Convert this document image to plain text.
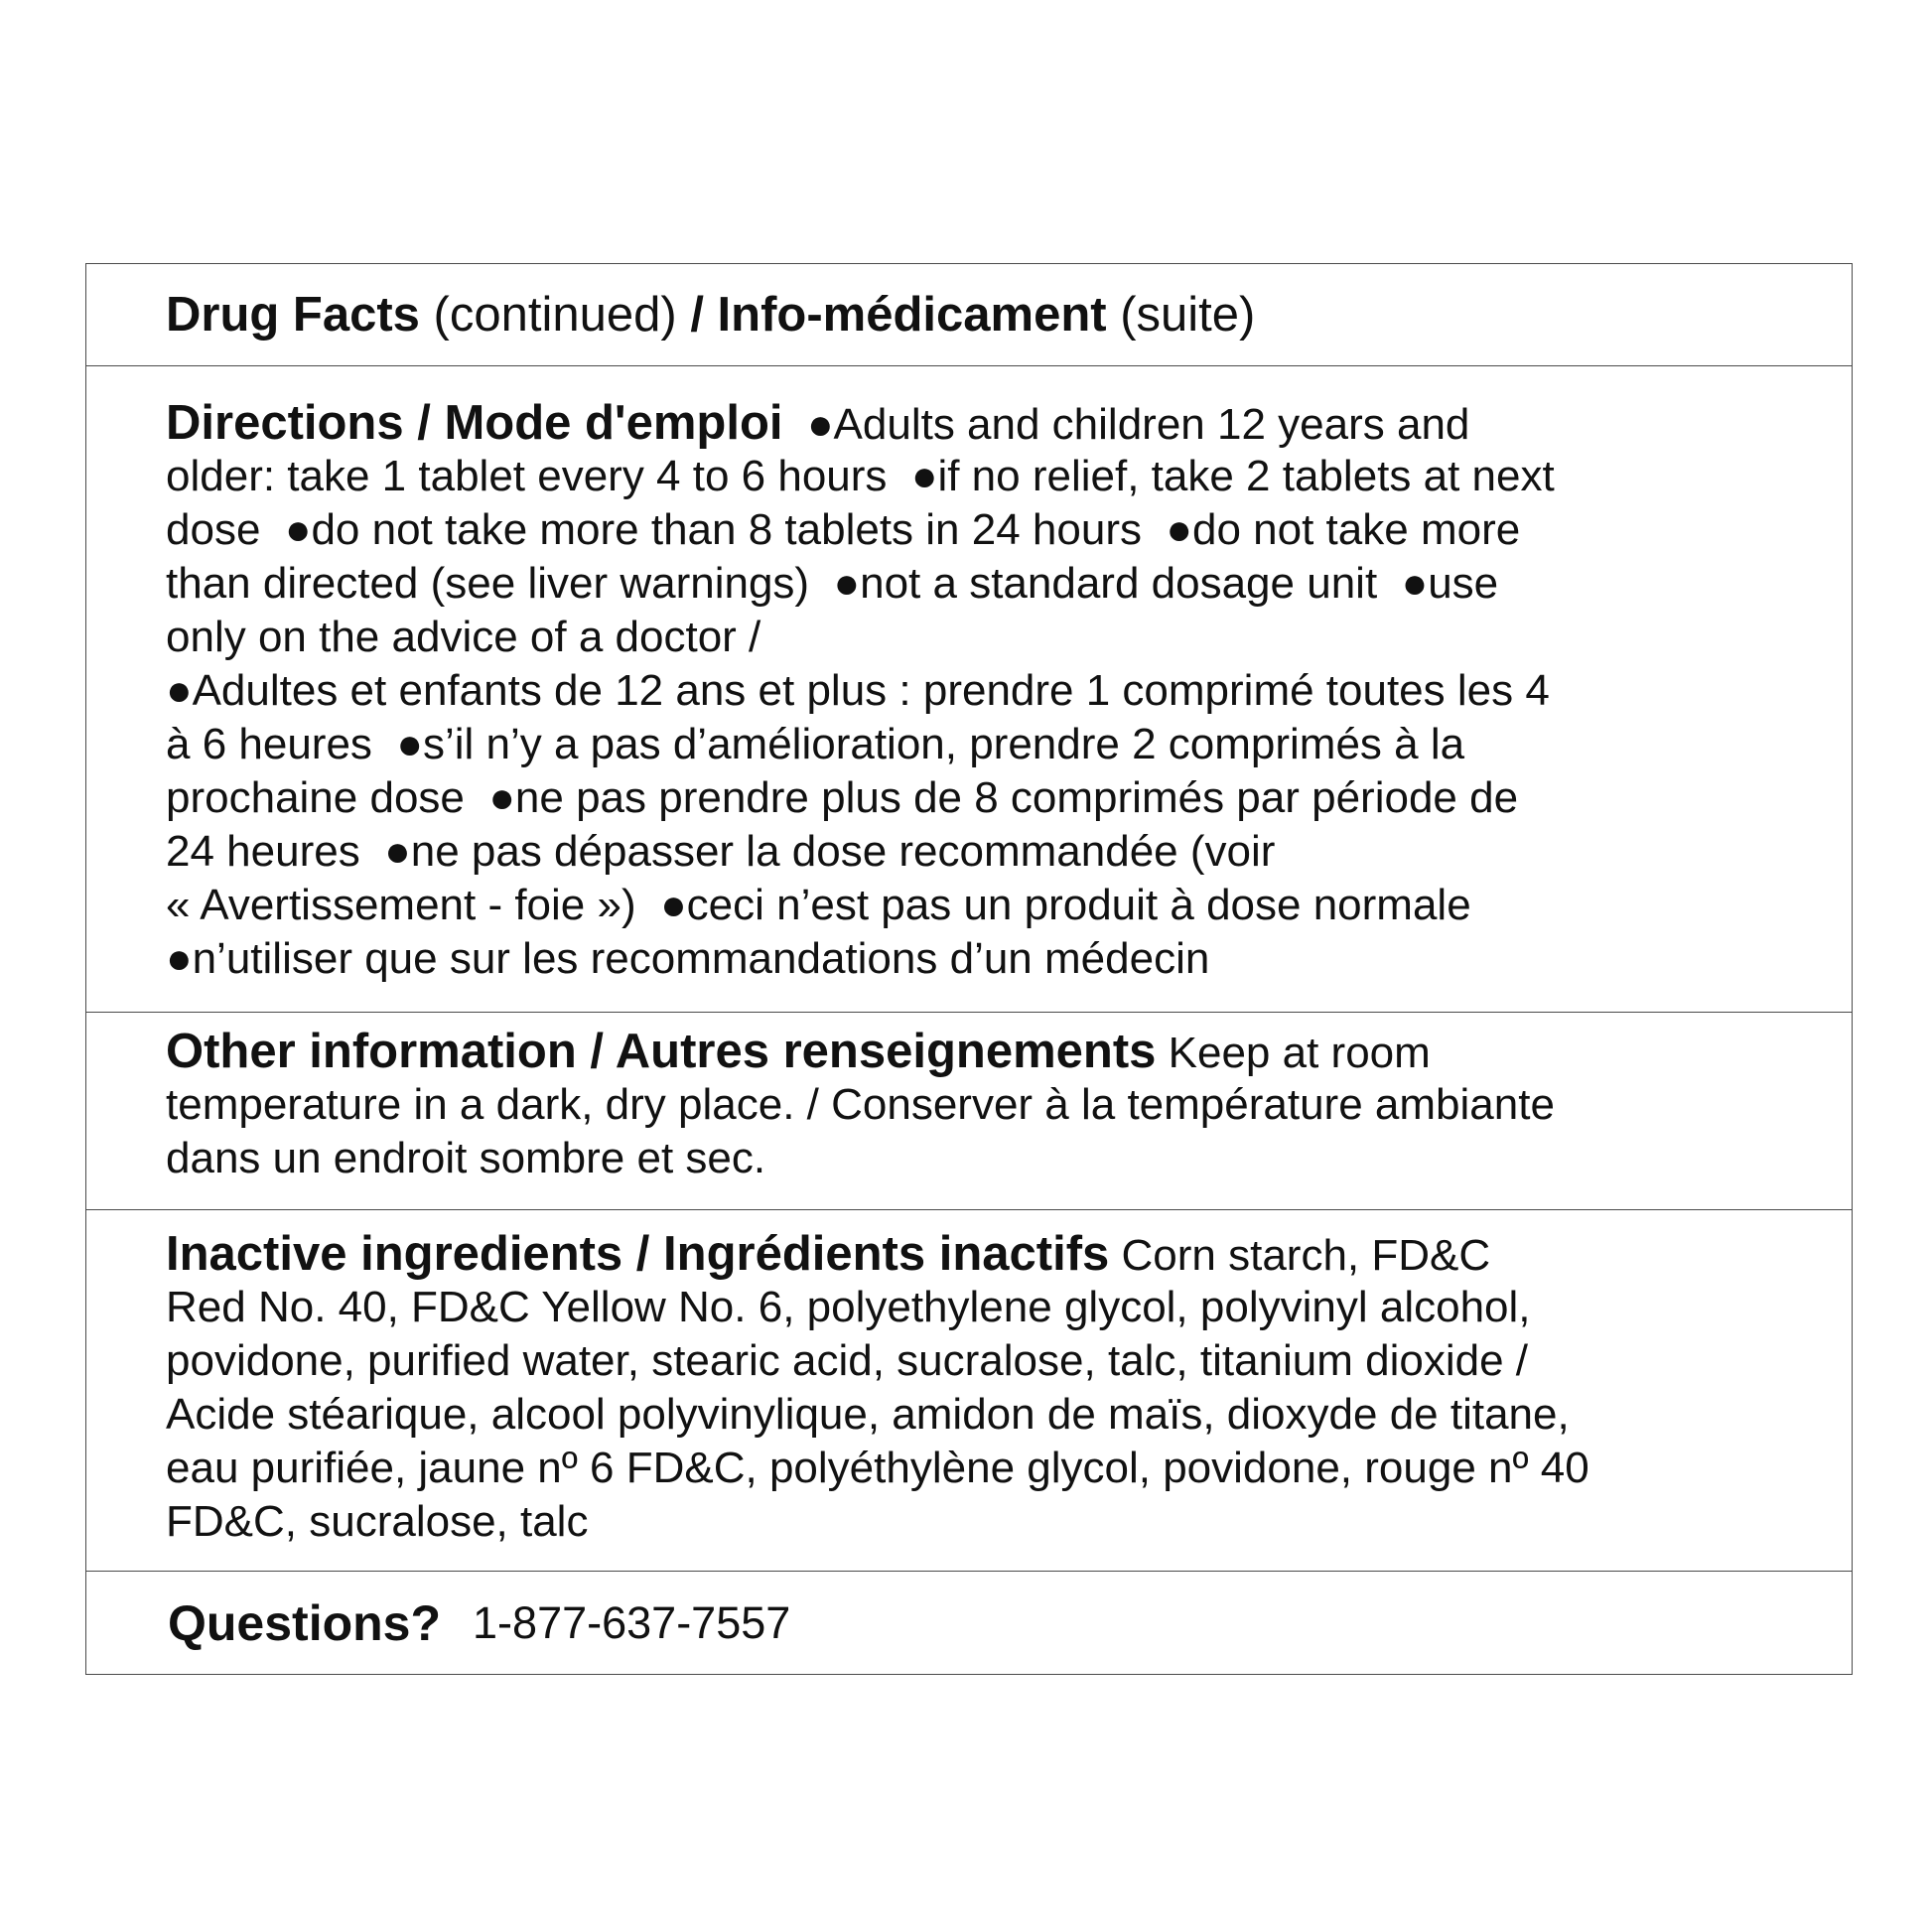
Drug Facts (continued) / Info-médicament (suite)
Directions / Mode d'emploi  ●Adults and children 12 years and
older: take 1 tablet every 4 to 6 hours  ●if no relief, take 2 tablets at next
dose  ●do not take more than 8 tablets in 24 hours  ●do not take more
than directed (see liver warnings)  ●not a standard dosage unit  ●use
only on the advice of a doctor /
●Adultes et enfants de 12 ans et plus : prendre 1 comprimé toutes les 4
à 6 heures  ●s’il n’y a pas d’amélioration, prendre 2 comprimés à la
prochaine dose  ●ne pas prendre plus de 8 comprimés par période de
24 heures  ●ne pas dépasser la dose recommandée (voir
« Avertissement - foie »)  ●ceci n’est pas un produit à dose normale
●n’utiliser que sur les recommandations d’un médecin
Other information / Autres renseignements Keep at room
temperature in a dark, dry place. / Conserver à la température ambiante
dans un endroit sombre et sec.
Inactive ingredients / Ingrédients inactifs Corn starch, FD&C
Red No. 40, FD&C Yellow No. 6, polyethylene glycol, polyvinyl alcohol,
povidone, purified water, stearic acid, sucralose, talc, titanium dioxide /
Acide stéarique, alcool polyvinylique, amidon de maïs, dioxyde de titane,
eau purifiée, jaune nº 6 FD&C, polyéthylène glycol, povidone, rouge nº 40
FD&C, sucralose, talc
Questions? 1-877-637-7557
